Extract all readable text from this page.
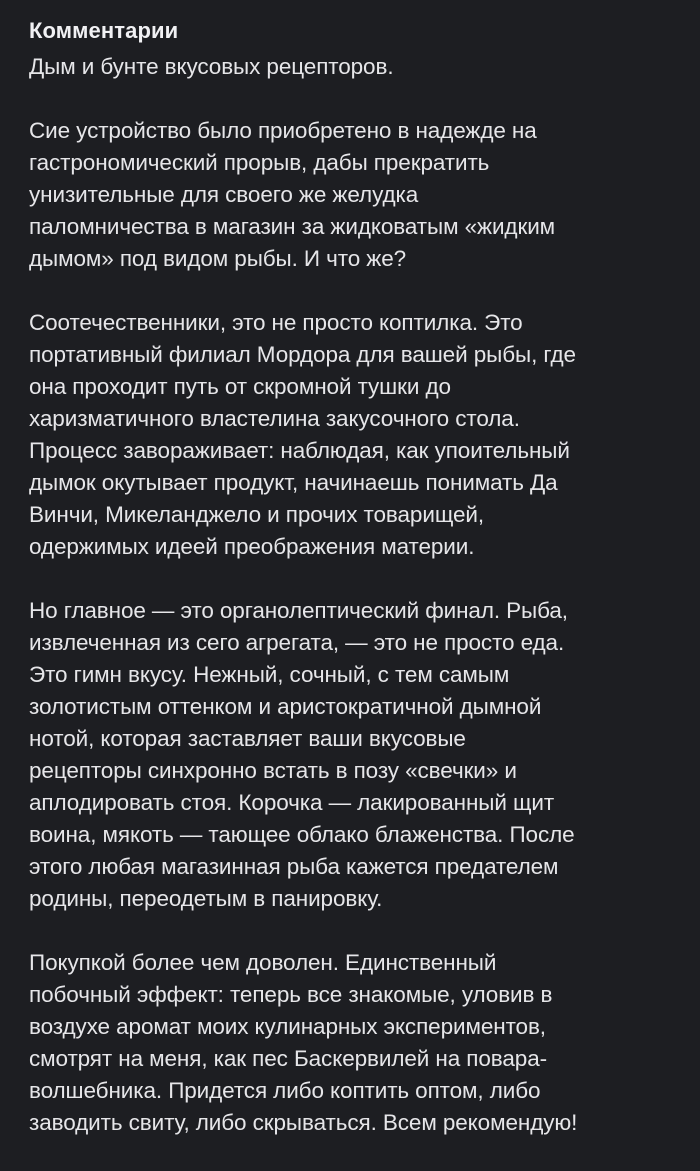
Комментарии
Дым и бунте вкусовых рецепторов.
Сие устройство было приобретено в надежде на
гастрономический прорыв, дабы прекратить
унизительные для своего же желудка
паломничества в магазин за жидковатым «жидким
дымом» под видом рыбы. И что же?
Соотечественники, это не просто коптилка. Это
портативный филиал Мордора для вашей рыбы, где
она проходит путь от скромной тушки до
харизматичного властелина закусочного стола.
Процесс завораживает: наблюдая, как упоительный
дымок окутывает продукт, начинаешь понимать Да
Винчи, Микеланджело и прочих товарищей,
одержимых идеей преображения материи.
Но главное — это органолептический финал. Рыба,
извлеченная из сего агрегата, — это не просто еда.
Это гимн вкусу. Нежный, сочный, с тем самым
золотистым оттенком и аристократичной дымной
нотой, которая заставляет ваши вкусовые
рецепторы синхронно встать в позу «свечки» и
аплодировать стоя. Корочка — лакированный щит
воина, мякоть — тающее облако блаженства. После
этого любая магазинная рыба кажется предателем
родины, переодетым в панировку.
Покупкой более чем доволен. Единственный
побочный эффект: теперь все знакомые, уловив в
воздухе аромат моих кулинарных экспериментов,
смотрят на меня, как пес Баскервилей на повара-
волшебника. Придется либо коптить оптом, либо
заводить свиту, либо скрываться. Всем рекомендую!
